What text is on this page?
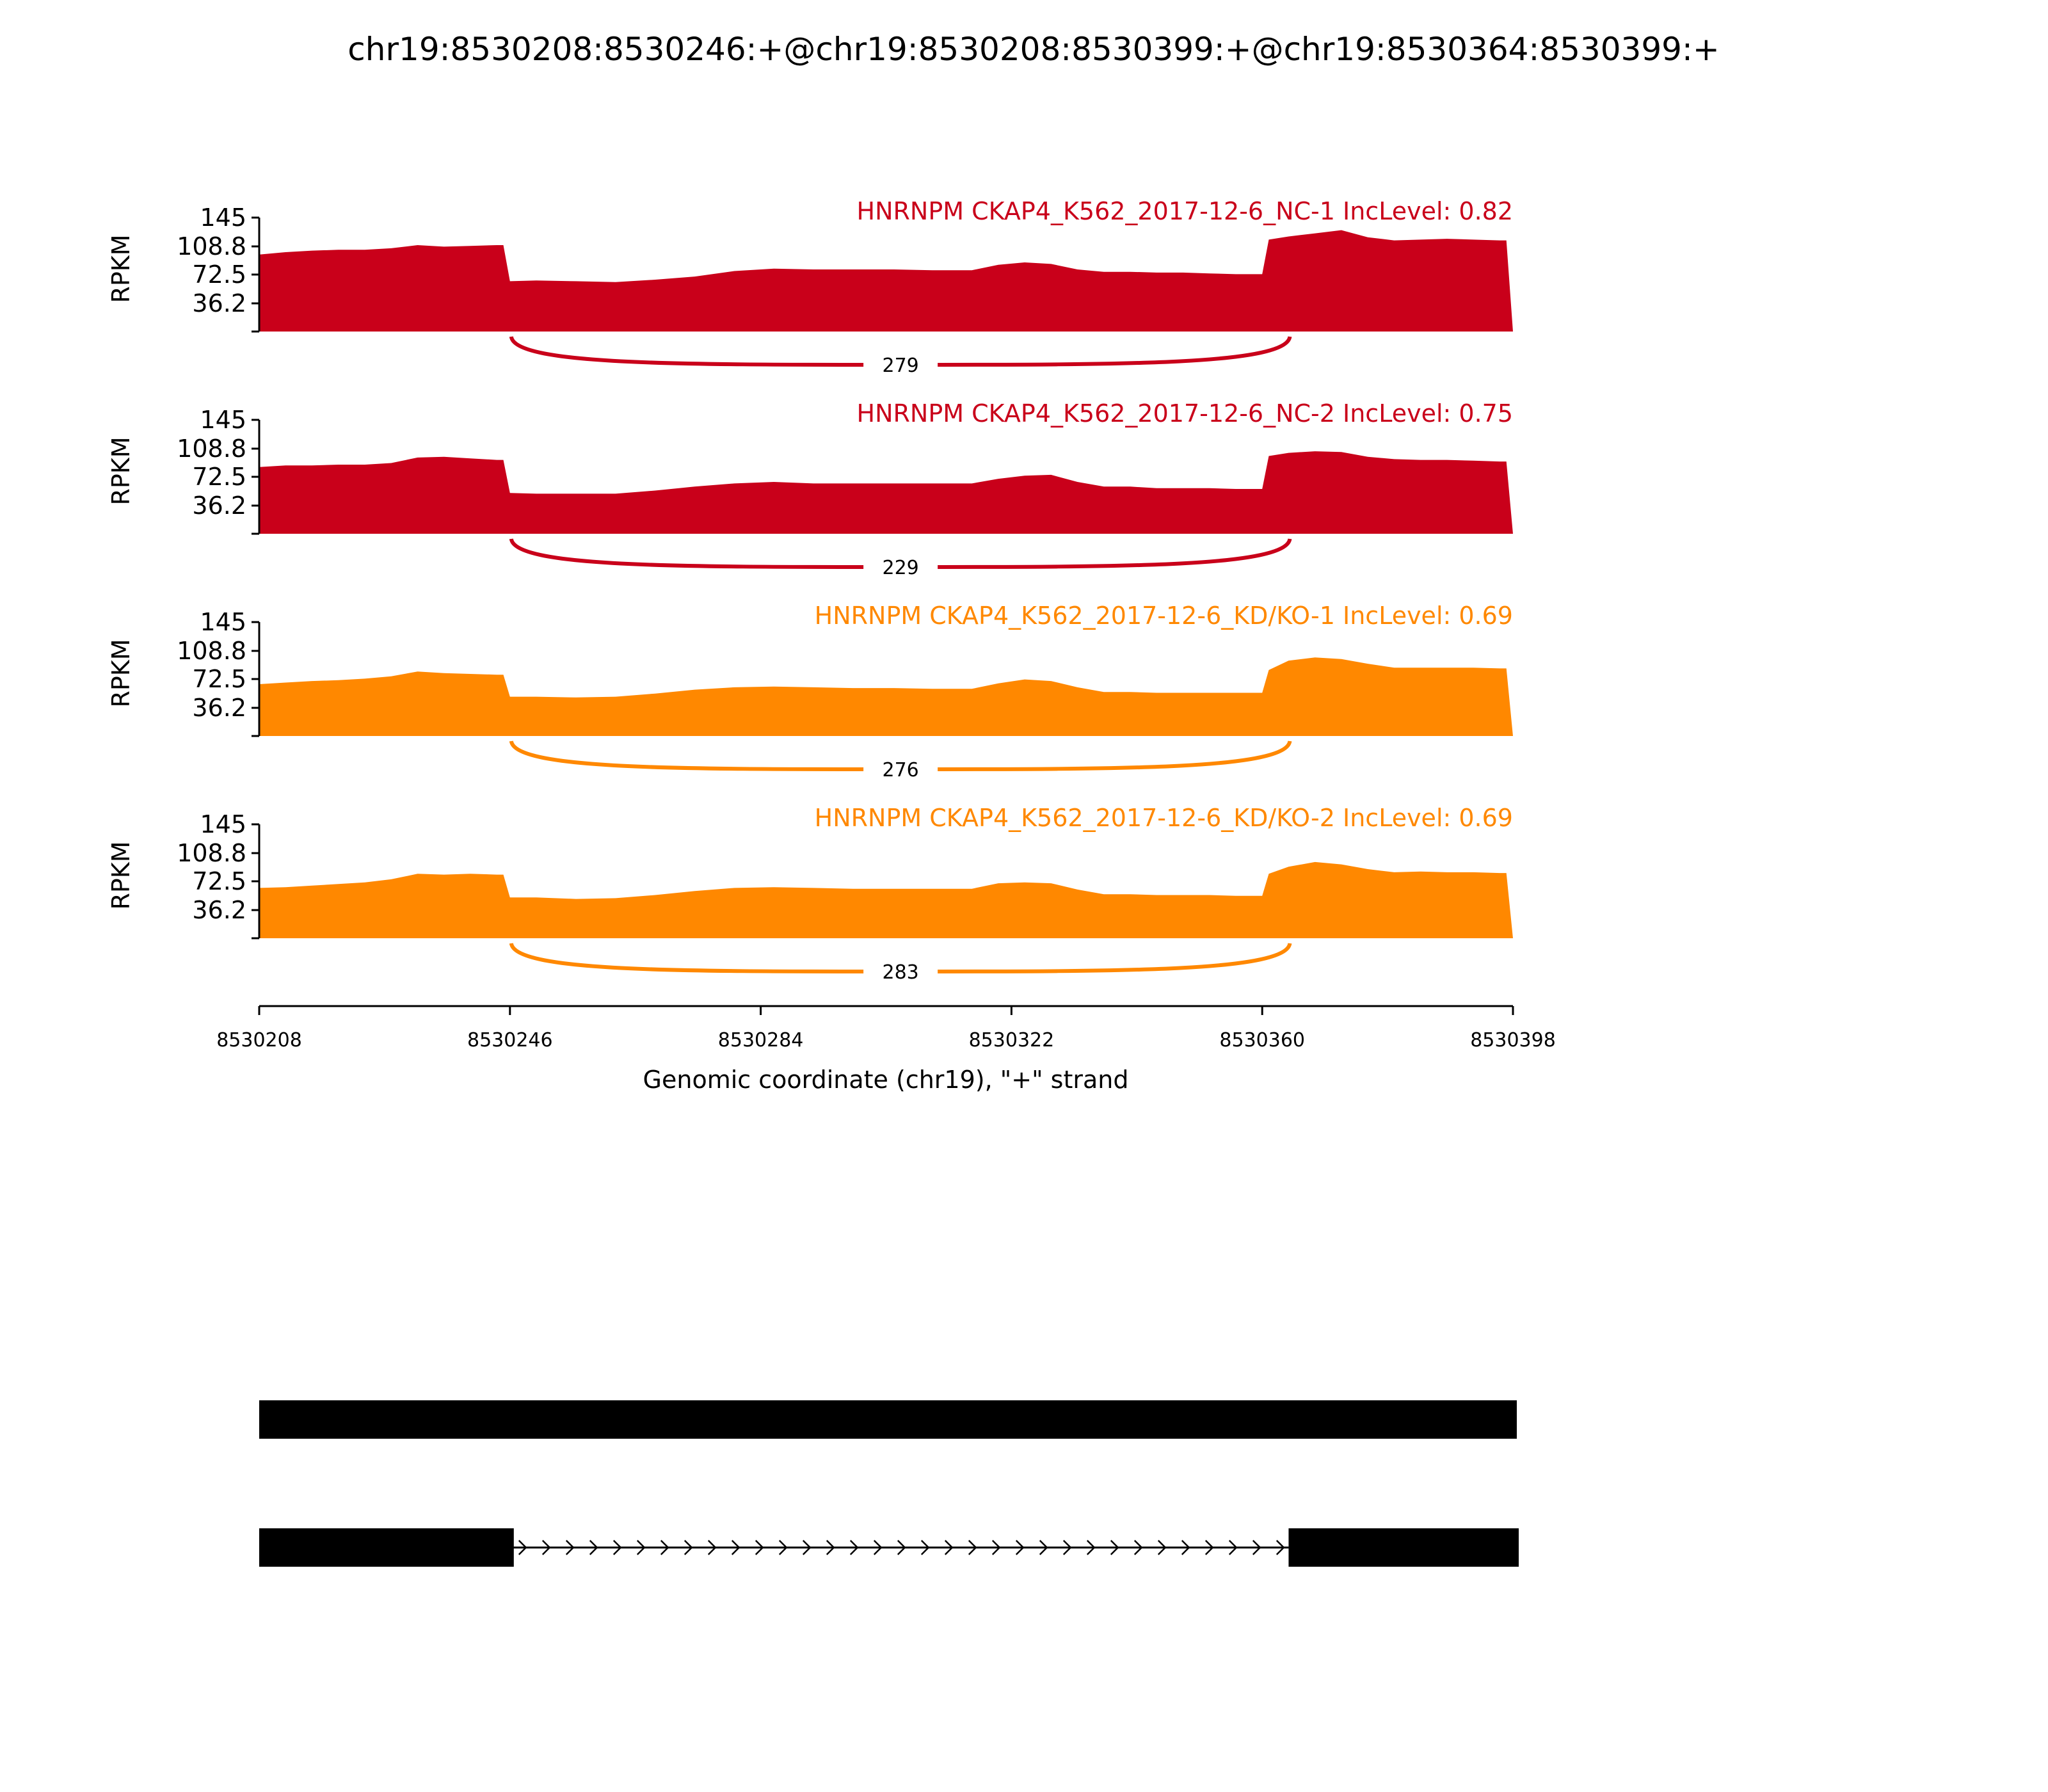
chr19:8530208:8530246:+@chr19:8530208:8530399:+@chr19:8530364:8530399:+
145
108.8
72.5
36.2
RPKM
HNRNPM CKAP4_K562_2017-12-6_NC-1 IncLevel: 0.82
279
145
108.8
72.5
36.2
RPKM
HNRNPM CKAP4_K562_2017-12-6_NC-2 IncLevel: 0.75
229
145
108.8
72.5
36.2
RPKM
HNRNPM CKAP4_K562_2017-12-6_KD/KO-1 IncLevel: 0.69
276
145
108.8
72.5
36.2
RPKM
HNRNPM CKAP4_K562_2017-12-6_KD/KO-2 IncLevel: 0.69
283
8530208	8530246	8530284	8530322	8530360	8530398
Genomic coordinate (chr19), "+" strand
